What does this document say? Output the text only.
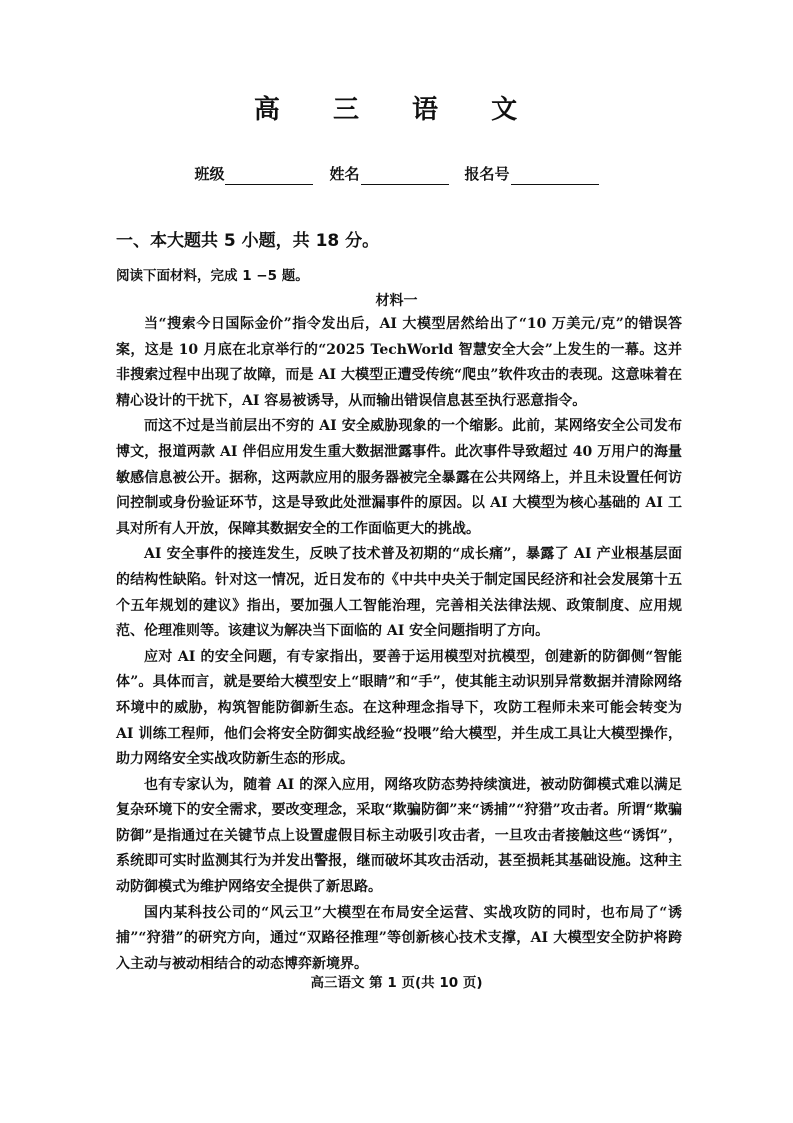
高 三 语 文
班级	姓名	报名号
一、本大题共 5 小题，共 18 分。
阅读下面材料，完成 1 −5 题。
材料一

当“搜索今日国际金价”指令发出后，AI 大模型居然给出了“10 万美元/克”的错误答案，这是 10 月底在北京举行的“2025 TechWorld 智慧安全大会”上发生的一幕。这并非搜索过程中出现了故障，而是 AI 大模型正遭受传统“爬虫”软件攻击的表现。这意味着在精心设计的干扰下，AI 容易被诱导，从而输出错误信息甚至执行恶意指令。

而这不过是当前层出不穷的 AI 安全威胁现象的一个缩影。此前，某网络安全公司发布博文，报道两款 AI 伴侣应用发生重大数据泄露事件。此次事件导致超过 40 万用户的海量敏感信息被公开。据称，这两款应用的服务器被完全暴露在公共网络上，并且未设置任何访问控制或身份验证环节，这是导致此处泄漏事件的原因。以 AI 大模型为核心基础的 AI 工具对所有人开放，保障其数据安全的工作面临更大的挑战。

AI 安全事件的接连发生，反映了技术普及初期的“成长痛”，暴露了 AI 产业根基层面的结构性缺陷。针对这一情况，近日发布的《中共中央关于制定国民经济和社会发展第十五个五年规划的建议》指出，要加强人工智能治理，完善相关法律法规、政策制度、应用规范、伦理准则等。该建议为解决当下面临的 AI 安全问题指明了方向。

应对 AI 的安全问题，有专家指出，要善于运用模型对抗模型，创建新的防御侧“智能体”。具体而言，就是要给大模型安上“眼睛”和“手”，使其能主动识别异常数据并清除网络环境中的威胁，构筑智能防御新生态。在这种理念指导下，攻防工程师未来可能会转变为 AI 训练工程师，他们会将安全防御实战经验“投喂”给大模型，并生成工具让大模型操作，助力网络安全实战攻防新生态的形成。

也有专家认为，随着 AI 的深入应用，网络攻防态势持续演进，被动防御模式难以满足复杂环境下的安全需求，要改变理念，采取“欺骗防御”来“诱捕”“狩猎”攻击者。所谓“欺骗防御”是指通过在关键节点上设置虚假目标主动吸引攻击者，一旦攻击者接触这些“诱饵”，系统即可实时监测其行为并发出警报，继而破坏其攻击活动，甚至损耗其基础设施。这种主动防御模式为维护网络安全提供了新思路。

国内某科技公司的“风云卫”大模型在布局安全运营、实战攻防的同时，也布局了“诱捕”“狩猎”的研究方向，通过“双路径推理”等创新核心技术支撑，AI 大模型安全防护将跨入主动与被动相结合的动态博弈新境界。

高三语文 第 1 页(共 10 页)
